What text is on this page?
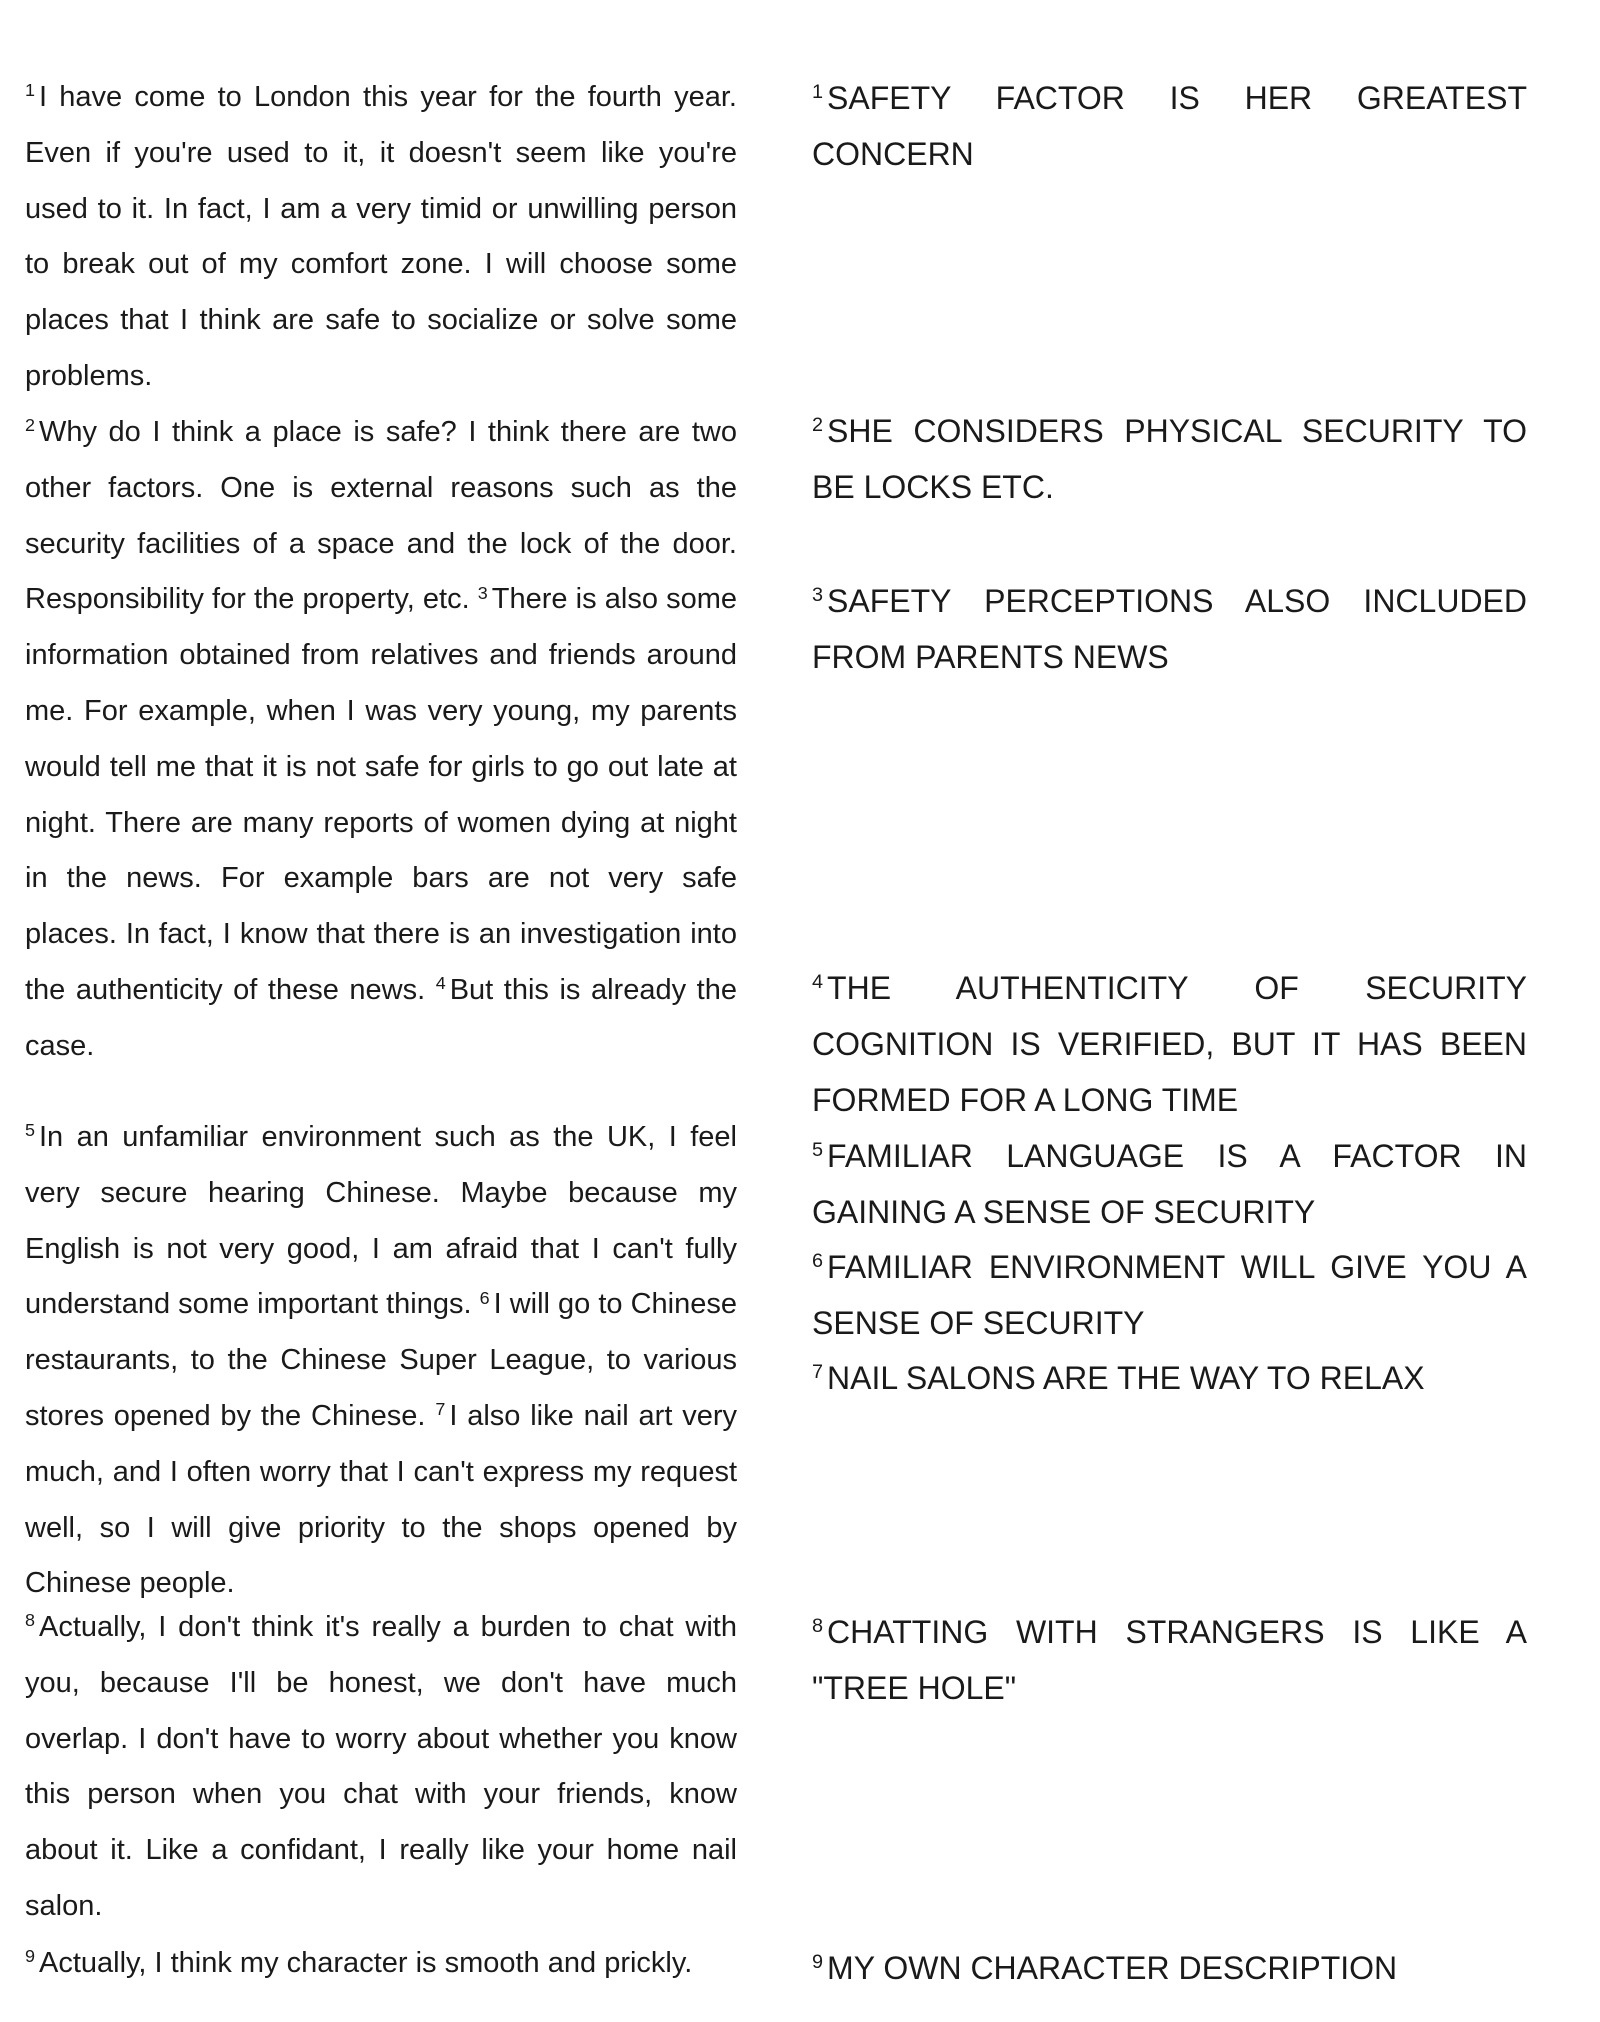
$^1$ I have come to London this year for the fourth year. Even if you're used to it, it doesn't seem like you're used to it. In fact, I am a very timid or unwilling person to break out of my comfort zone. I will choose some places that I think are safe to socialize or solve some problems.
$^2$ Why do I think a place is safe? I think there are two other factors. One is external reasons such as the security facilities of a space and the lock of the door. Responsibility for the property, etc. $^3$ There is also some information obtained from relatives and friends around me. For example, when I was very young, my parents would tell me that it is not safe for girls to go out late at night. There are many reports of women dying at night in the news. For example bars are not very safe places. In fact, I know that there is an investigation into the authenticity of these news. $^4$ But this is already the case.
$^5$ In an unfamiliar environment such as the UK, I feel very secure hearing Chinese. Maybe because my English is not very good, I am afraid that I can't fully understand some important things. $^6$ I will go to Chinese restaurants, to the Chinese Super League, to various stores opened by the Chinese. $^7$ I also like nail art very much, and I often worry that I can't express my request well, so I will give priority to the shops opened by Chinese people.
$^8$ Actually, I don't think it's really a burden to chat with you, because I'll be honest, we don't have much overlap. I don't have to worry about whether you know this person when you chat with your friends, know about it. Like a confidant, I really like your home nail salon.
$^9$ Actually, I think my character is smooth and prickly.

$^1$ SAFETY FACTOR IS HER GREATEST CONCERN

$^2$ SHE CONSIDERS PHYSICAL SECURITY TO BE LOCKS ETC.

$^3$ SAFETY PERCEPTIONS ALSO INCLUDED FROM PARENTS NEWS

$^4$ THE AUTHENTICITY OF SECURITY COGNITION IS VERIFIED, BUT IT HAS BEEN FORMED FOR A LONG TIME

$^5$ FAMILIAR LANGUAGE IS A FACTOR IN GAINING A SENSE OF SECURITY

$^6$ FAMILIAR ENVIRONMENT WILL GIVE YOU A SENSE OF SECURITY

$^7$ NAIL SALONS ARE THE WAY TO RELAX

$^8$ CHATTING WITH STRANGERS IS LIKE A "TREE HOLE"

$^9$ MY OWN CHARACTER DESCRIPTION
